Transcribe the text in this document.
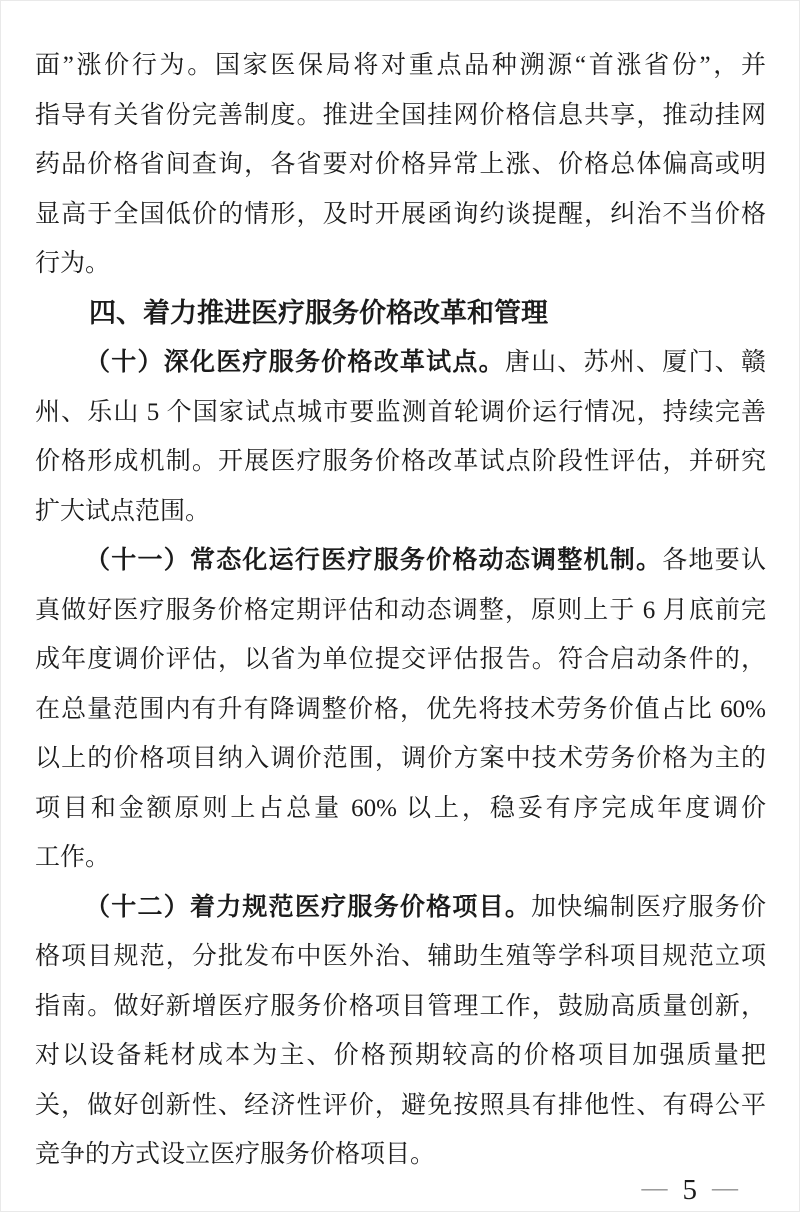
面”涨价行为。国家医保局将对重点品种溯源“首涨省份”，并
指导有关省份完善制度。推进全国挂网价格信息共享，推动挂网
药品价格省间查询，各省要对价格异常上涨、价格总体偏高或明
显高于全国低价的情形，及时开展函询约谈提醒，纠治不当价格
行为。
四、着力推进医疗服务价格改革和管理
（十）深化医疗服务价格改革试点。唐山、苏州、厦门、赣
州、乐山 5 个国家试点城市要监测首轮调价运行情况，持续完善
价格形成机制。开展医疗服务价格改革试点阶段性评估，并研究
扩大试点范围。
（十一）常态化运行医疗服务价格动态调整机制。各地要认
真做好医疗服务价格定期评估和动态调整，原则上于 6 月底前完
成年度调价评估，以省为单位提交评估报告。符合启动条件的，
在总量范围内有升有降调整价格，优先将技术劳务价值占比 60%
以上的价格项目纳入调价范围，调价方案中技术劳务价格为主的
项目和金额原则上占总量 60% 以上，稳妥有序完成年度调价
工作。
（十二）着力规范医疗服务价格项目。加快编制医疗服务价
格项目规范，分批发布中医外治、辅助生殖等学科项目规范立项
指南。做好新增医疗服务价格项目管理工作，鼓励高质量创新，
对以设备耗材成本为主、价格预期较高的价格项目加强质量把
关，做好创新性、经济性评价，避免按照具有排他性、有碍公平
竞争的方式设立医疗服务价格项目。
— 5 —
